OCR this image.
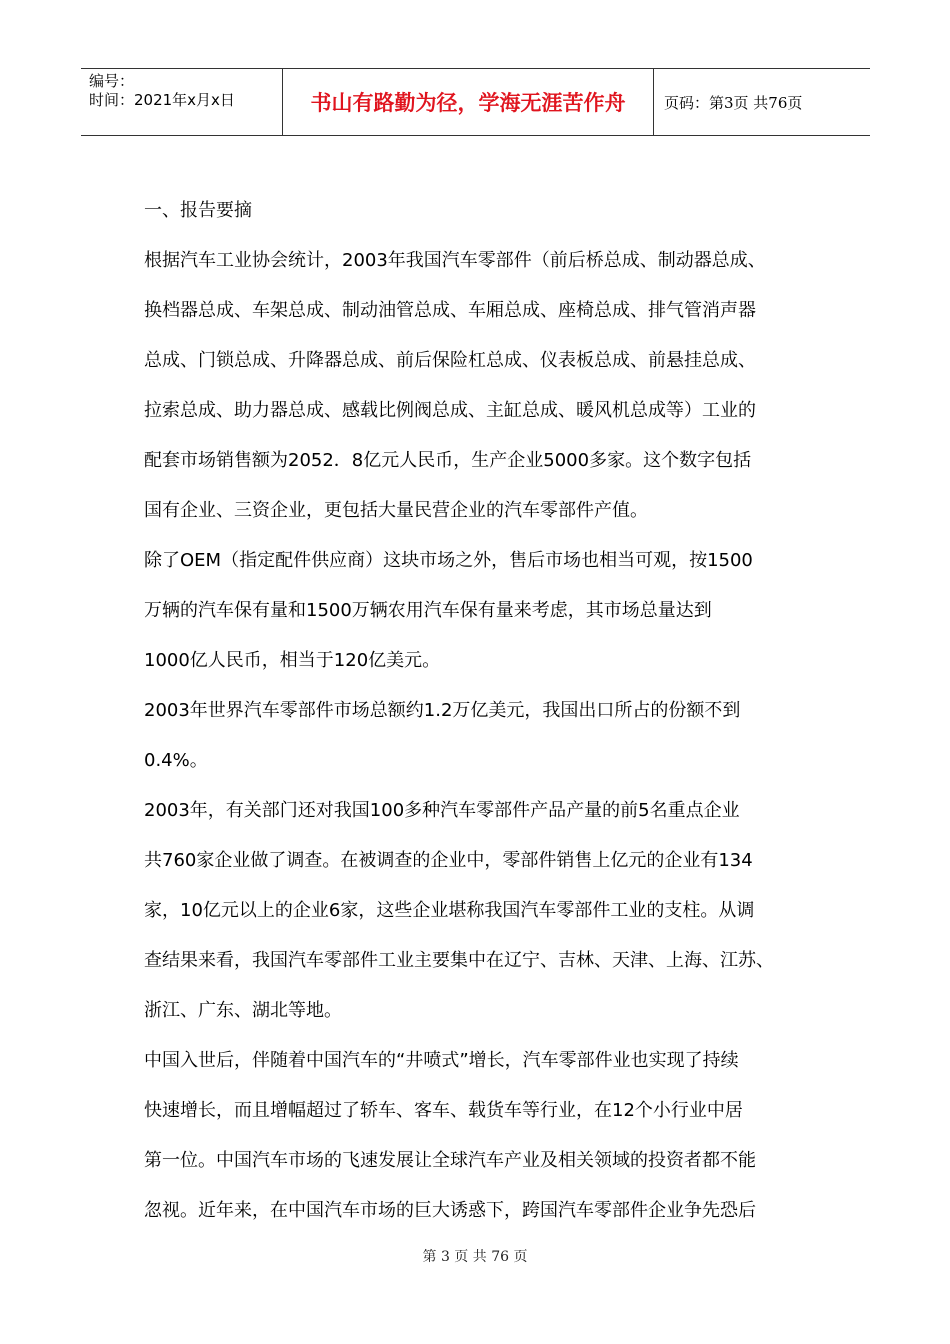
编号：
时间：2021年x月x日	书山有路勤为径，学海无涯苦作舟	页码：第3页 共76页
一、报告要摘
根据汽车工业协会统计，2003年我国汽车零部件（前后桥总成、制动器总成、
换档器总成、车架总成、制动油管总成、车厢总成、座椅总成、排气管消声器
总成、门锁总成、升降器总成、前后保险杠总成、仪表板总成、前悬挂总成、
拉索总成、助力器总成、感载比例阀总成、主缸总成、暖风机总成等）工业的
配套市场销售额为2052．8亿元人民币，生产企业5000多家。这个数字包括
国有企业、三资企业，更包括大量民营企业的汽车零部件产值。
除了OEM（指定配件供应商）这块市场之外，售后市场也相当可观，按1500
万辆的汽车保有量和1500万辆农用汽车保有量来考虑，其市场总量达到
1000亿人民币，相当于120亿美元。
2003年世界汽车零部件市场总额约1.2万亿美元，我国出口所占的份额不到
0.4%。
2003年，有关部门还对我国100多种汽车零部件产品产量的前5名重点企业
共760家企业做了调查。在被调查的企业中，零部件销售上亿元的企业有134
家，10亿元以上的企业6家，这些企业堪称我国汽车零部件工业的支柱。从调
查结果来看，我国汽车零部件工业主要集中在辽宁、吉林、天津、上海、江苏、
浙江、广东、湖北等地。
中国入世后，伴随着中国汽车的“井喷式”增长，汽车零部件业也实现了持续
快速增长，而且增幅超过了轿车、客车、载货车等行业，在12个小行业中居
第一位。中国汽车市场的飞速发展让全球汽车产业及相关领域的投资者都不能
忽视。近年来，在中国汽车市场的巨大诱惑下，跨国汽车零部件企业争先恐后
第 3 页 共 76 页
